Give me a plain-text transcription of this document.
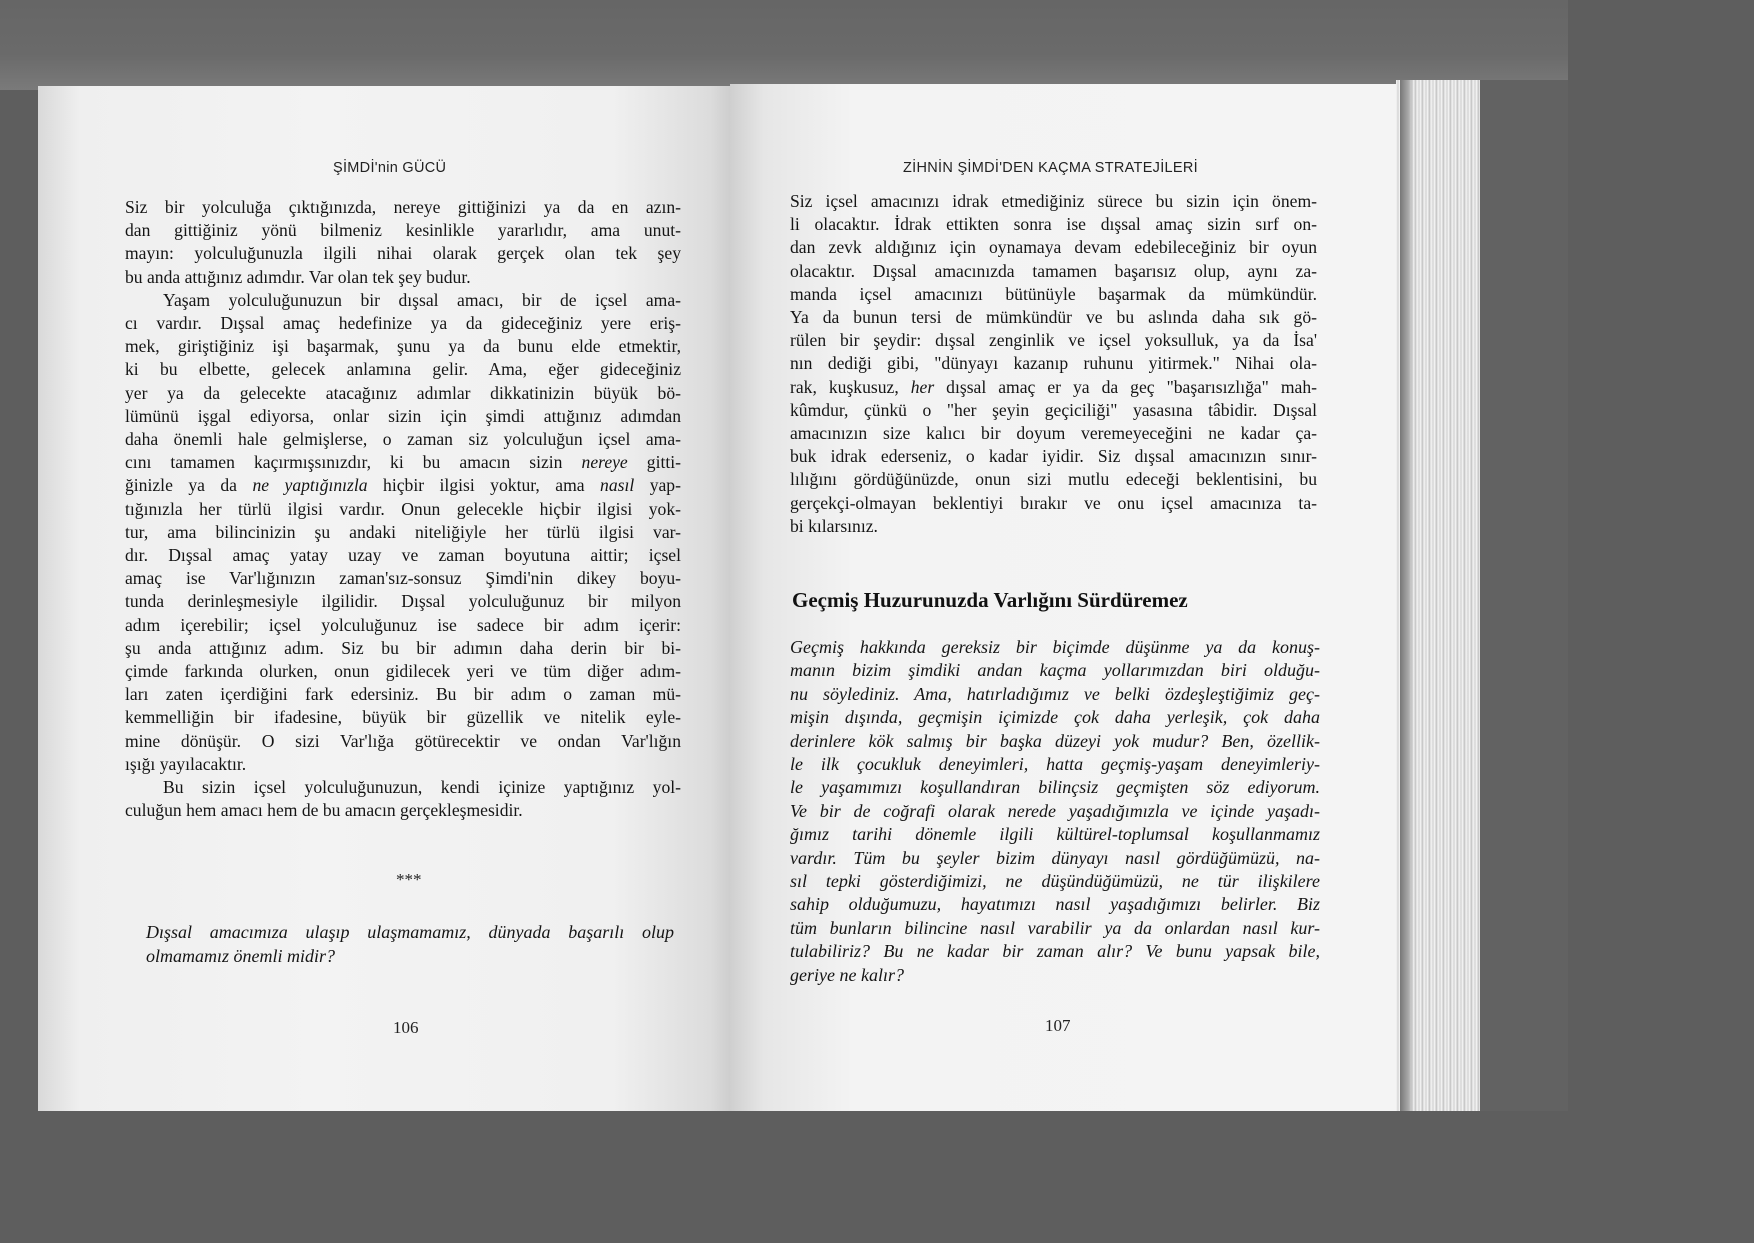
ŞİMDİ'nin GÜCÜ
Siz bir yolculuğa çıktığınızda, nereye gittiğinizi ya da en azın-
dan gittiğiniz yönü bilmeniz kesinlikle yararlıdır, ama unut-
mayın: yolculuğunuzla ilgili nihai olarak gerçek olan tek şey
bu anda attığınız adımdır. Var olan tek şey budur.
Yaşam yolculuğunuzun bir dışsal amacı, bir de içsel ama-
cı vardır. Dışsal amaç hedefinize ya da gideceğiniz yere eriş-
mek, giriştiğiniz işi başarmak, şunu ya da bunu elde etmektir,
ki bu elbette, gelecek anlamına gelir. Ama, eğer gideceğiniz
yer ya da gelecekte atacağınız adımlar dikkatinizin büyük bö-
lümünü işgal ediyorsa, onlar sizin için şimdi attığınız adımdan
daha önemli hale gelmişlerse, o zaman siz yolculuğun içsel ama-
cını tamamen kaçırmışsınızdır, ki bu amacın sizin nereye gitti-
ğinizle ya da ne yaptığınızla hiçbir ilgisi yoktur, ama nasıl yap-
tığınızla her türlü ilgisi vardır. Onun gelecekle hiçbir ilgisi yok-
tur, ama bilincinizin şu andaki niteliğiyle her türlü ilgisi var-
dır. Dışsal amaç yatay uzay ve zaman boyutuna aittir; içsel
amaç ise Var'lığınızın zaman'sız-sonsuz Şimdi'nin dikey boyu-
tunda derinleşmesiyle ilgilidir. Dışsal yolculuğunuz bir milyon
adım içerebilir; içsel yolculuğunuz ise sadece bir adım içerir:
şu anda attığınız adım. Siz bu bir adımın daha derin bir bi-
çimde farkında olurken, onun gidilecek yeri ve tüm diğer adım-
ları zaten içerdiğini fark edersiniz. Bu bir adım o zaman mü-
kemmelliğin bir ifadesine, büyük bir güzellik ve nitelik eyle-
mine dönüşür. O sizi Var'lığa götürecektir ve ondan Var'lığın
ışığı yayılacaktır.
Bu sizin içsel yolculuğunuzun, kendi içinize yaptığınız yol-
culuğun hem amacı hem de bu amacın gerçekleşmesidir.
***
Dışsal amacımıza ulaşıp ulaşmamamız, dünyada başarılı olup
olmamamız önemli midir?
106
ZİHNİN ŞİMDİ'DEN KAÇMA STRATEJİLERİ
Siz içsel amacınızı idrak etmediğiniz sürece bu sizin için önem-
li olacaktır. İdrak ettikten sonra ise dışsal amaç sizin sırf on-
dan zevk aldığınız için oynamaya devam edebileceğiniz bir oyun
olacaktır. Dışsal amacınızda tamamen başarısız olup, aynı za-
manda içsel amacınızı bütünüyle başarmak da mümkündür.
Ya da bunun tersi de mümkündür ve bu aslında daha sık gö-
rülen bir şeydir: dışsal zenginlik ve içsel yoksulluk, ya da İsa'
nın dediği gibi, "dünyayı kazanıp ruhunu yitirmek." Nihai ola-
rak, kuşkusuz, her dışsal amaç er ya da geç "başarısızlığa" mah-
kûmdur, çünkü o "her şeyin geçiciliği" yasasına tâbidir. Dışsal
amacınızın size kalıcı bir doyum veremeyeceğini ne kadar ça-
buk idrak ederseniz, o kadar iyidir. Siz dışsal amacınızın sınır-
lılığını gördüğünüzde, onun sizi mutlu edeceği beklentisini, bu
gerçekçi-olmayan beklentiyi bırakır ve onu içsel amacınıza ta-
bi kılarsınız.
Geçmiş Huzurunuzda Varlığını Sürdüremez
Geçmiş hakkında gereksiz bir biçimde düşünme ya da konuş-
manın bizim şimdiki andan kaçma yollarımızdan biri olduğu-
nu söylediniz. Ama, hatırladığımız ve belki özdeşleştiğimiz geç-
mişin dışında, geçmişin içimizde çok daha yerleşik, çok daha
derinlere kök salmış bir başka düzeyi yok mudur? Ben, özellik-
le ilk çocukluk deneyimleri, hatta geçmiş-yaşam deneyimleriy-
le yaşamımızı koşullandıran bilinçsiz geçmişten söz ediyorum.
Ve bir de coğrafi olarak nerede yaşadığımızla ve içinde yaşadı-
ğımız tarihi dönemle ilgili kültürel-toplumsal koşullanmamız
vardır. Tüm bu şeyler bizim dünyayı nasıl gördüğümüzü, na-
sıl tepki gösterdiğimizi, ne düşündüğümüzü, ne tür ilişkilere
sahip olduğumuzu, hayatımızı nasıl yaşadığımızı belirler. Biz
tüm bunların bilincine nasıl varabilir ya da onlardan nasıl kur-
tulabiliriz? Bu ne kadar bir zaman alır? Ve bunu yapsak bile,
geriye ne kalır?
107
